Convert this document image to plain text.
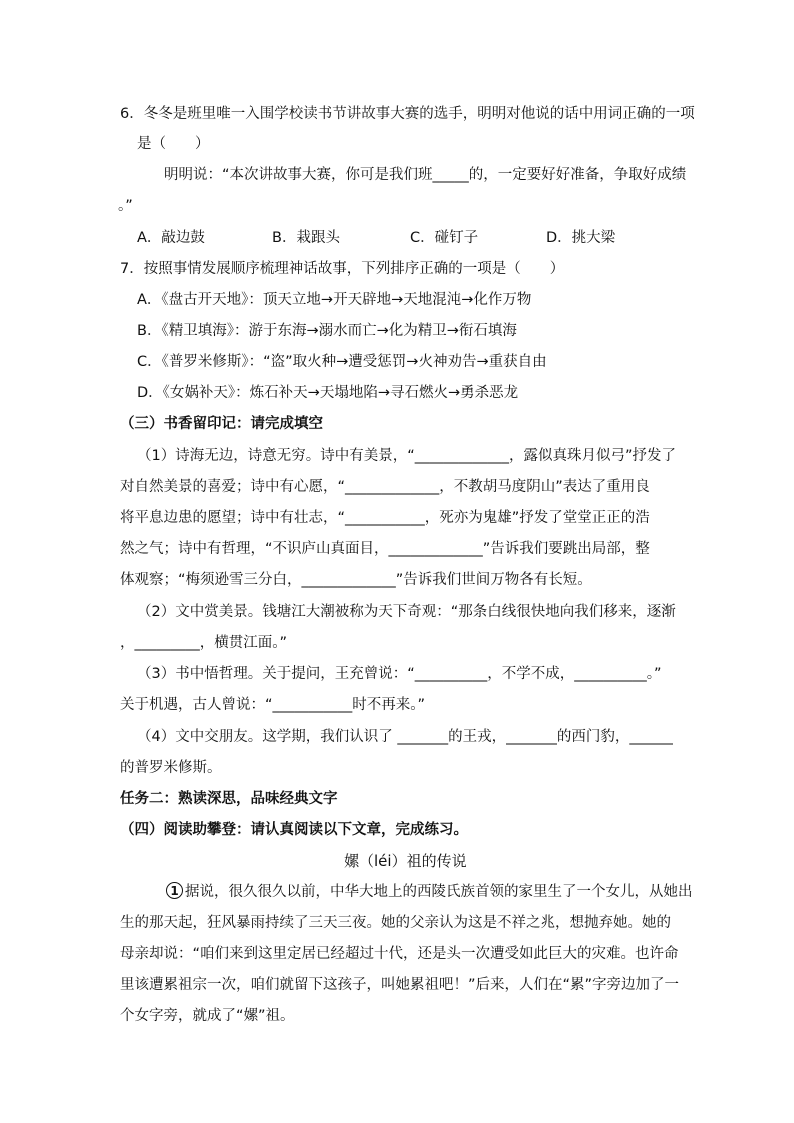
6．冬冬是班里唯一入围学校读书节讲故事大赛的选手，明明对他说的话中用词正确的一项
是（　　）
明明说：“本次讲故事大赛，你可是我们班_____的，一定要好好准备，争取好成绩
。”
A．敲边鼓	B．栽跟头	C．碰钉子	D．挑大梁
7．按照事情发展顺序梳理神话故事，下列排序正确的一项是（　　）
A．《盘古开天地》：顶天立地→开天辟地→天地混沌→化作万物
B．《精卫填海》：游于东海→溺水而亡→化为精卫→衔石填海
C．《普罗米修斯》：“盗”取火种→遭受惩罚→火神劝告→重获自由
D．《女娲补天》：炼石补天→天塌地陷→寻石燃火→勇杀恶龙
（三）书香留印记：请完成填空
（1）诗海无边，诗意无穷。诗中有美景，“_____________，露似真珠月似弓”抒发了
对自然美景的喜爱；诗中有心愿，“_____________，不教胡马度阴山”表达了重用良
将平息边患的愿望；诗中有壮志，“___________，死亦为鬼雄”抒发了堂堂正正的浩
然之气；诗中有哲理，“不识庐山真面目，_____________”告诉我们要跳出局部，整
体观察；“梅须逊雪三分白，_____________”告诉我们世间万物各有长短。
（2）文中赏美景。钱塘江大潮被称为天下奇观：“那条白线很快地向我们移来，逐渐
，_________，横贯江面。”
（3）书中悟哲理。关于提问，王充曾说：“__________，不学不成，__________。”
关于机遇，古人曾说：“___________时不再来。”
（4）文中交朋友。这学期，我们认识了 _______的王戎，_______的西门豹，______
的普罗米修斯。
任务二：熟读深思，品味经典文字
（四）阅读助攀登：请认真阅读以下文章，完成练习。
嫘（léi）祖的传说
1 据说，很久很久以前，中华大地上的西陵氏族首领的家里生了一个女儿，从她出
生的那天起，狂风暴雨持续了三天三夜。她的父亲认为这是不祥之兆，想抛弃她。她的
母亲却说：“咱们来到这里定居已经超过十代，还是头一次遭受如此巨大的灾难。也许命
里该遭累祖宗一次，咱们就留下这孩子，叫她累祖吧！”后来，人们在“累”字旁边加了一
个女字旁，就成了“嫘”祖。
